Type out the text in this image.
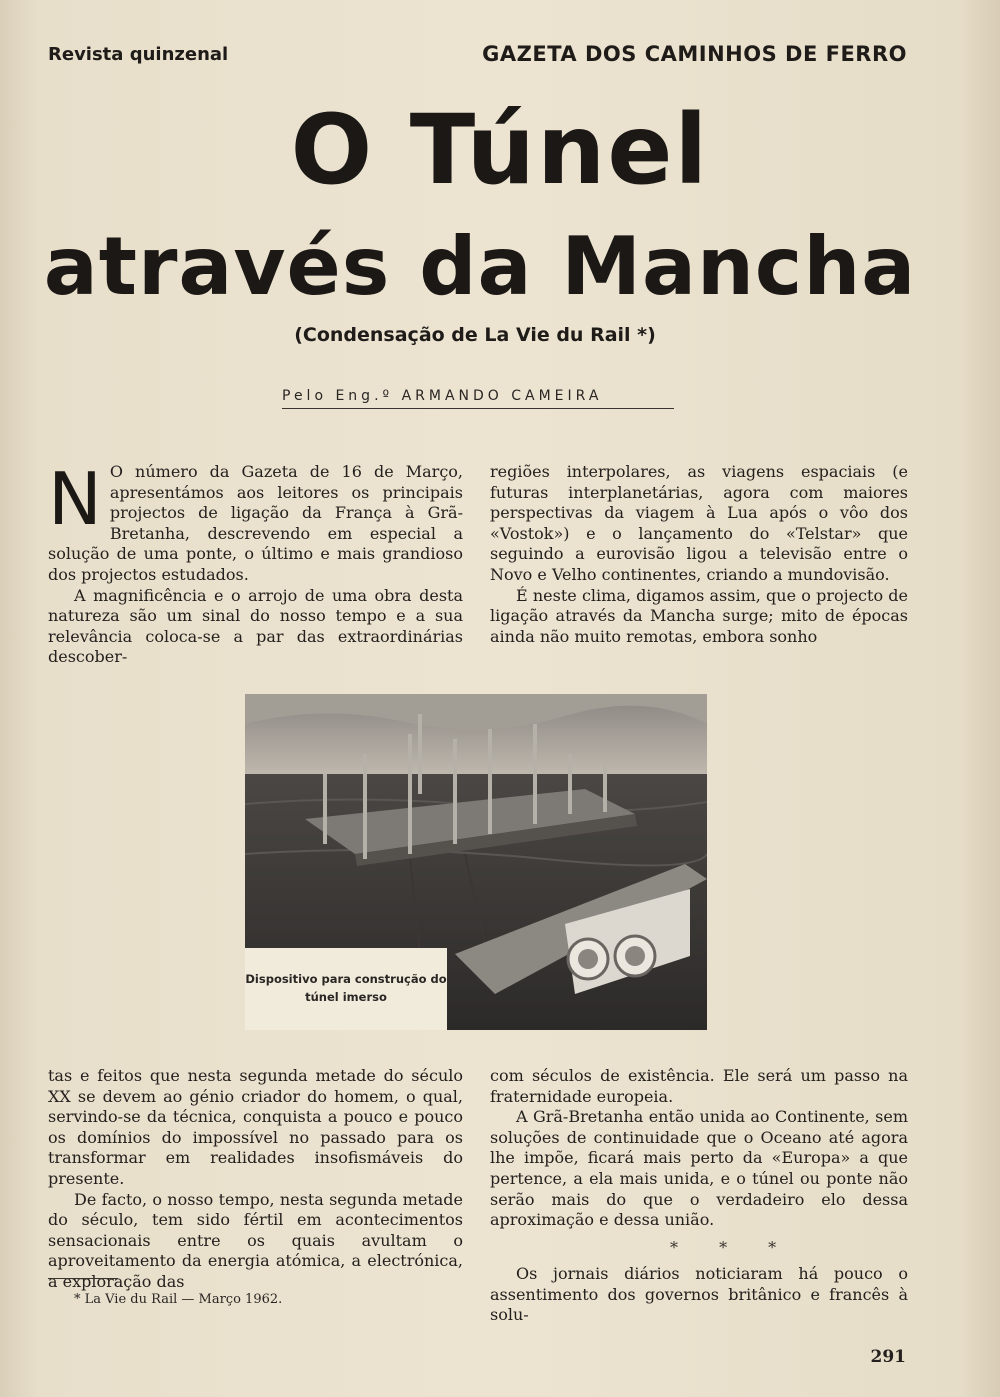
Revista quinzenal	GAZETA DOS CAMINHOS DE FERRO
O Túnel
através da Mancha
(Condensação de La Vie du Rail *)
Pelo Eng.º ARMANDO CAMEIRA
N O número da Gazeta de 16 de Março, apresentámos aos leitores os principais projectos de ligação da França à Grã-Bretanha, descrevendo em especial a solução de uma ponte, o último e mais grandioso dos projectos estudados.

A magnificência e o arrojo de uma obra desta natureza são um sinal do nosso tempo e a sua relevância coloca-se a par das extraordinárias descober-

regiões interpolares, as viagens espaciais (e futuras interplanetárias, agora com maiores perspectivas da viagem à Lua após o vôo dos «Vostok») e o lançamento do «Telstar» que seguindo a eurovisão ligou a televisão entre o Novo e Velho continentes, criando a mundovisão.

É neste clima, digamos assim, que o projecto de ligação através da Mancha surge; mito de épocas ainda não muito remotas, embora sonho

Dispositivo para construção do túnel imerso

tas e feitos que nesta segunda metade do século XX se devem ao génio criador do homem, o qual, servindo-se da técnica, conquista a pouco e pouco os domínios do impossível no passado para os transformar em realidades insofismáveis do presente.

De facto, o nosso tempo, nesta segunda metade do século, tem sido fértil em acontecimentos sensacionais entre os quais avultam o aproveitamento da energia atómica, a electrónica, a exploração das

com séculos de existência. Ele será um passo na fraternidade europeia.

A Grã-Bretanha então unida ao Continente, sem soluções de continuidade que o Oceano até agora lhe impõe, ficará mais perto da «Europa» a que pertence, a ela mais unida, e o túnel ou ponte não serão mais do que o verdadeiro elo dessa aproximação e dessa união.

* * *

Os jornais diários noticiaram há pouco o assentimento dos governos britânico e francês à solu-

* La Vie du Rail — Março 1962.
291
